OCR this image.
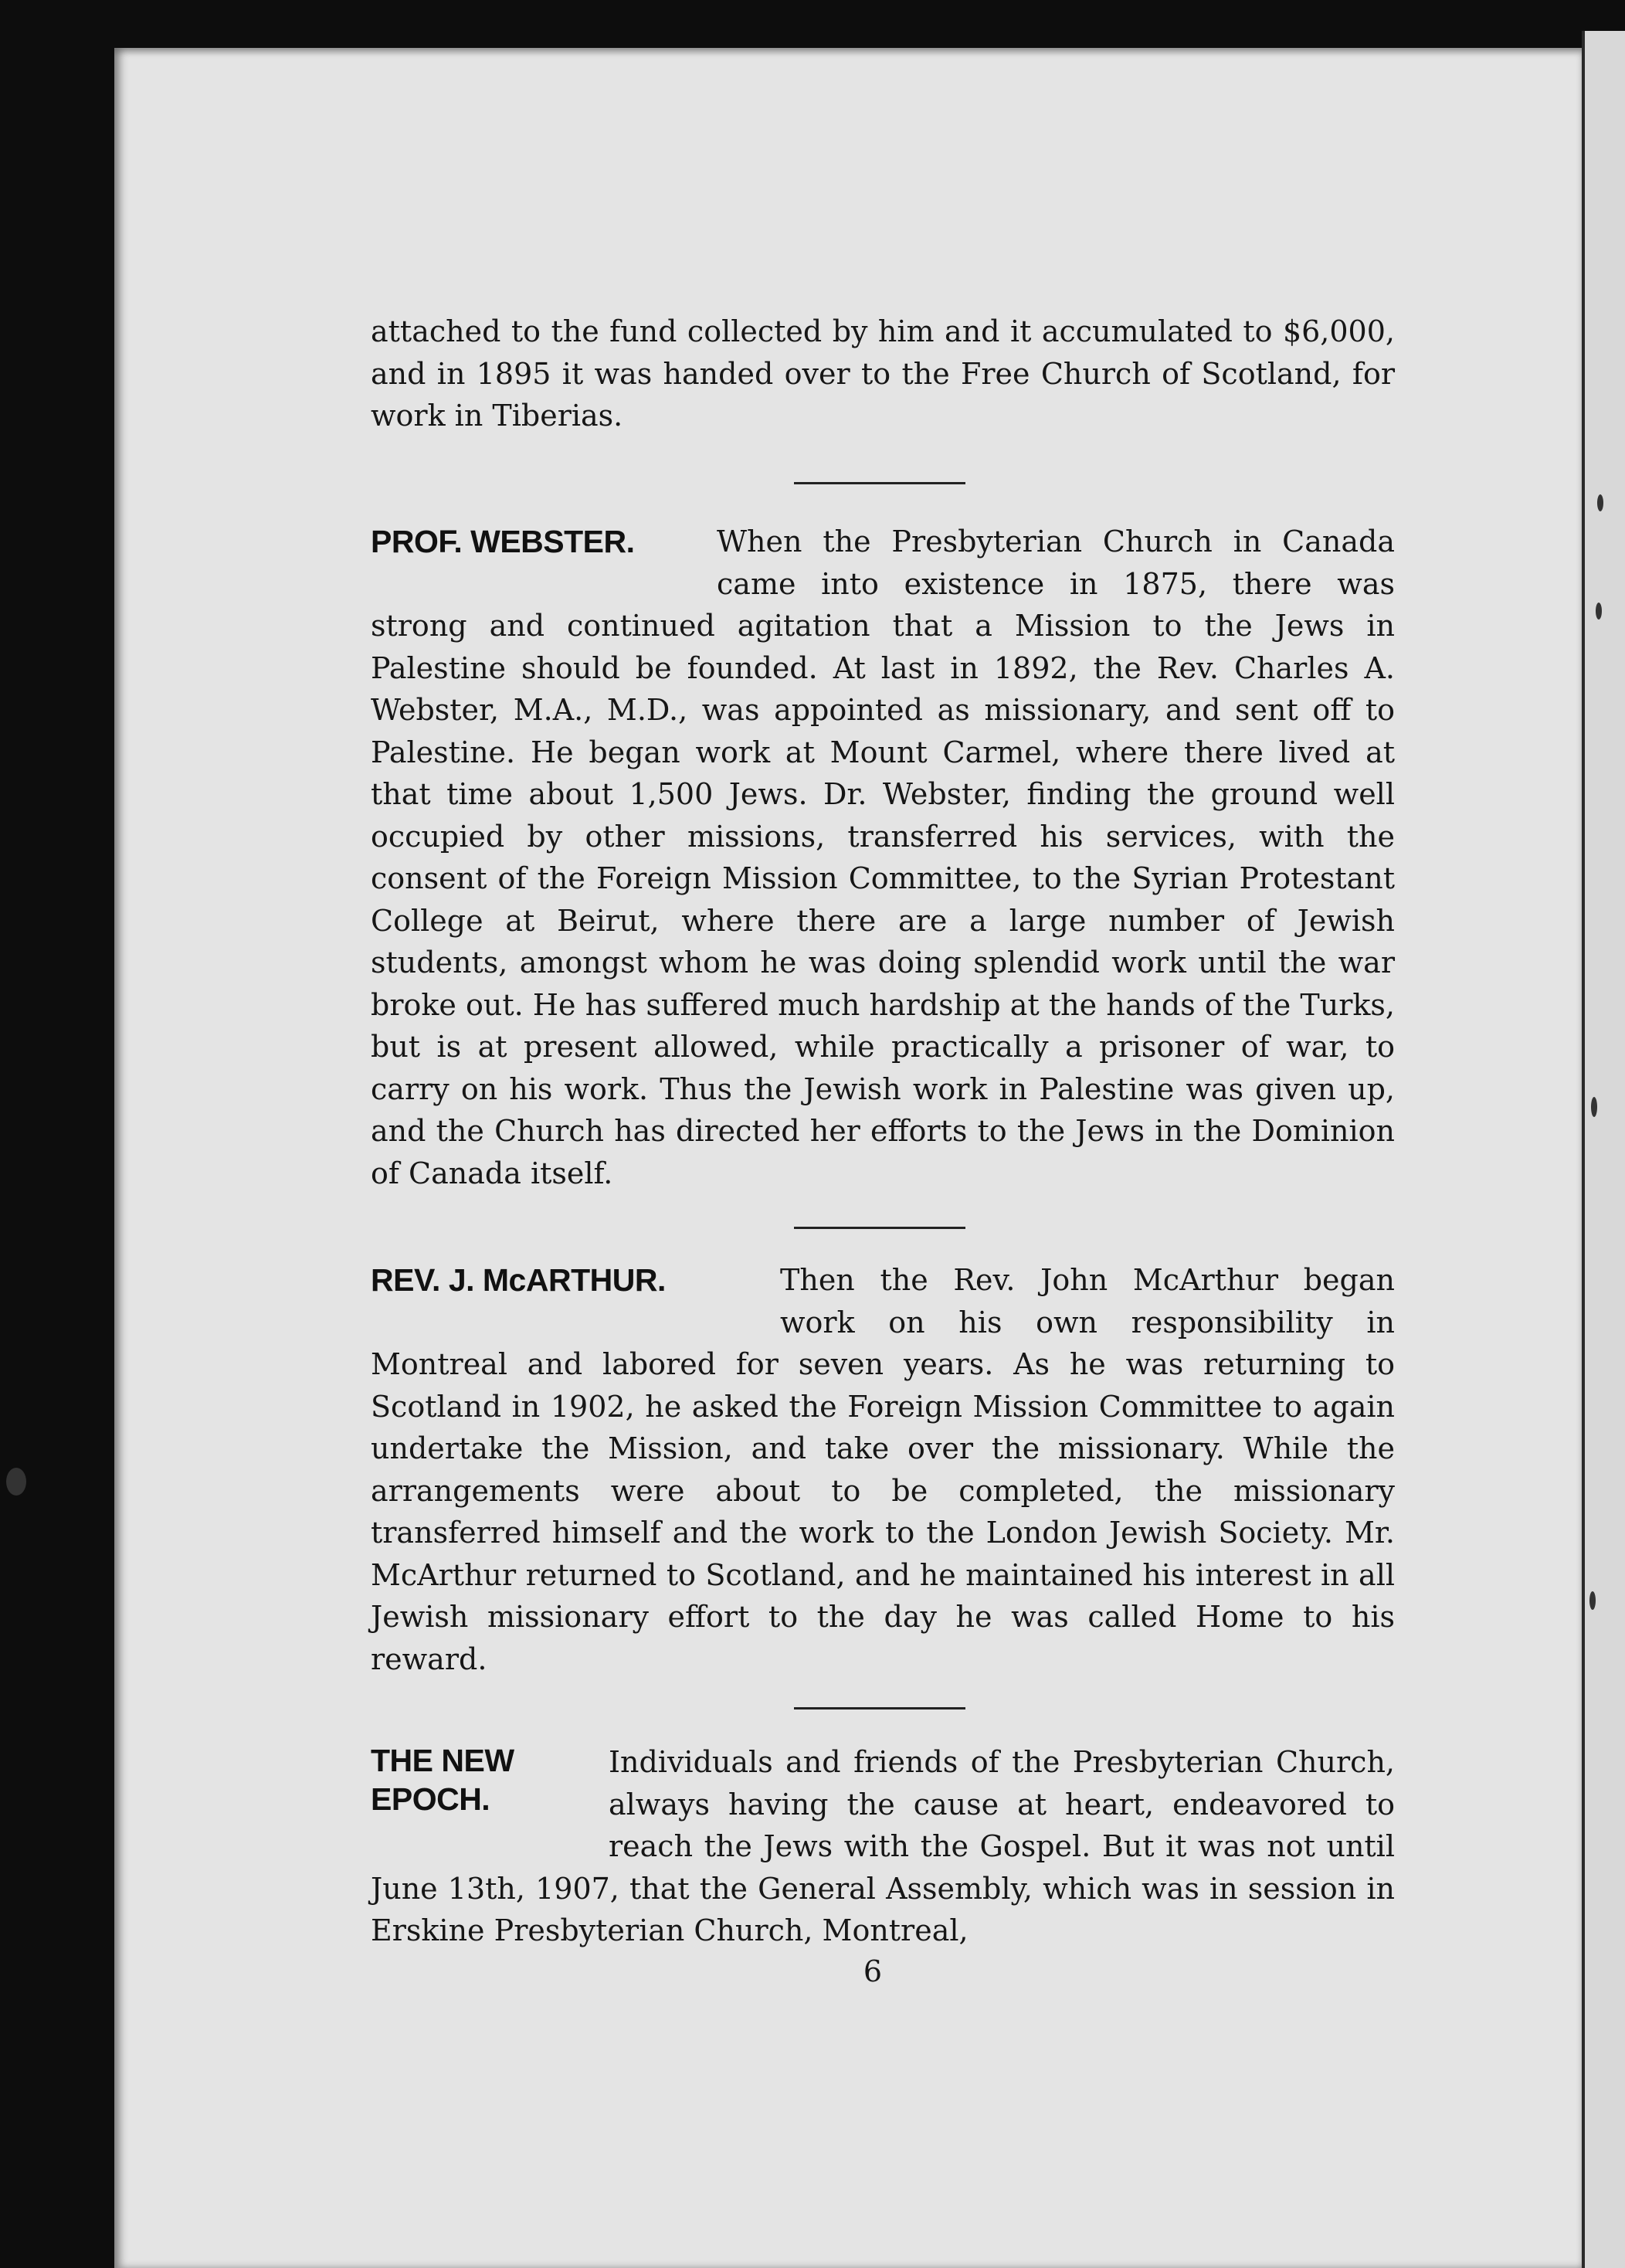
attached to the fund collected by him and it accumulated to $6,000, and in 1895 it was handed over to the Free Church of Scotland, for work in Tiberias.

PROF. WEBSTER.	When the Presbyterian Church in Canada came into existence in 1875, there was strong and continued agitation that a Mission to the Jews in Palestine should be founded. At last in 1892, the Rev. Charles A. Webster, M.A., M.D., was appointed as missionary, and sent off to Palestine. He began work at Mount Carmel, where there lived at that time about 1,500 Jews. Dr. Webster, finding the ground well occupied by other missions, transferred his services, with the consent of the Foreign Mission Committee, to the Syrian Protestant College at Beirut, where there are a large number of Jewish students, amongst whom he was doing splendid work until the war broke out. He has suffered much hardship at the hands of the Turks, but is at present allowed, while practically a prisoner of war, to carry on his work. Thus the Jewish work in Palestine was given up, and the Church has directed her efforts to the Jews in the Dominion of Canada itself.
REV. J. McARTHUR.	Then the Rev. John McArthur began work on his own responsibility in Montreal and labored for seven years. As he was returning to Scotland in 1902, he asked the Foreign Mission Committee to again undertake the Mission, and take over the missionary. While the arrangements were about to be completed, the missionary transferred himself and the work to the London Jewish Society. Mr. McArthur returned to Scotland, and he maintained his interest in all Jewish missionary effort to the day he was called Home to his reward.
THE NEW
EPOCH.
Individuals and friends of the Presbyterian Church, always having the cause at heart, endeavored to reach the Jews with the Gospel. But it was not until June 13th, 1907, that the General Assembly, which was in session in Erskine Presbyterian Church, Montreal,
6
